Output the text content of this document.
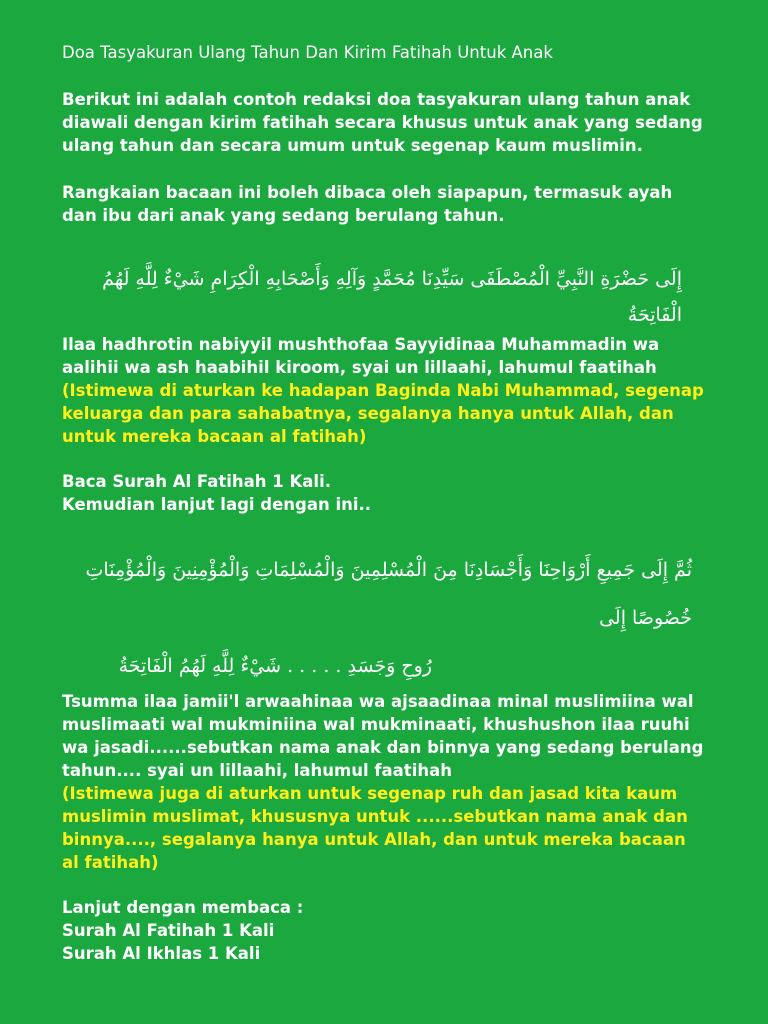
Doa Tasyakuran Ulang Tahun Dan Kirim Fatihah Untuk Anak

Berikut ini adalah contoh redaksi doa tasyakuran ulang tahun anak diawali dengan kirim fatihah secara khusus untuk anak yang sedang ulang tahun dan secara umum untuk segenap kaum muslimin.

Rangkaian bacaan ini boleh dibaca oleh siapapun, termasuk ayah dan ibu dari anak yang sedang berulang tahun.

إِلَى حَضْرَةِ النَّبِيِّ الْمُصْطَفَى سَيِّدِنَا مُحَمَّدٍ وَآلِهِ وَأَصْحَابِهِ الْكِرَامِ شَيْءٌ لِلَّهِ لَهُمُ الْفَاتِحَةُ

Ilaa hadhrotin nabiyyil mushthofaa Sayyidinaa Muhammadin wa aalihii wa ash haabihil kiroom, syai un lillaahi, lahumul faatihah

(Istimewa di aturkan ke hadapan Baginda Nabi Muhammad, segenap keluarga dan para sahabatnya, segalanya hanya untuk Allah, dan untuk mereka bacaan al fatihah)

Baca Surah Al Fatihah 1 Kali.

Kemudian lanjut lagi dengan ini..

ثُمَّ إِلَى جَمِيعِ أَرْوَاحِنَا وَأَجْسَادِنَا مِنَ الْمُسْلِمِينَ وَالْمُسْلِمَاتِ وَالْمُؤْمِنِينَ وَالْمُؤْمِنَاتِ خُصُوصًا إِلَى
رُوحِ وَجَسَدِ . . . . . شَيْءٌ لِلَّهِ لَهُمُ الْفَاتِحَةُ

Tsumma ilaa jamii'l arwaahinaa wa ajsaadinaa minal muslimiina wal muslimaati wal mukminiina wal mukminaati, khushushon ilaa ruuhi wa jasadi......sebutkan nama anak dan binnya yang sedang berulang tahun.... syai un lillaahi, lahumul faatihah

(Istimewa juga di aturkan untuk segenap ruh dan jasad kita kaum muslimin muslimat, khususnya untuk ......sebutkan nama anak dan binnya...., segalanya hanya untuk Allah, dan untuk mereka bacaan al fatihah)

Lanjut dengan membaca :

Surah Al Fatihah 1 Kali

Surah Al Ikhlas 1 Kali
